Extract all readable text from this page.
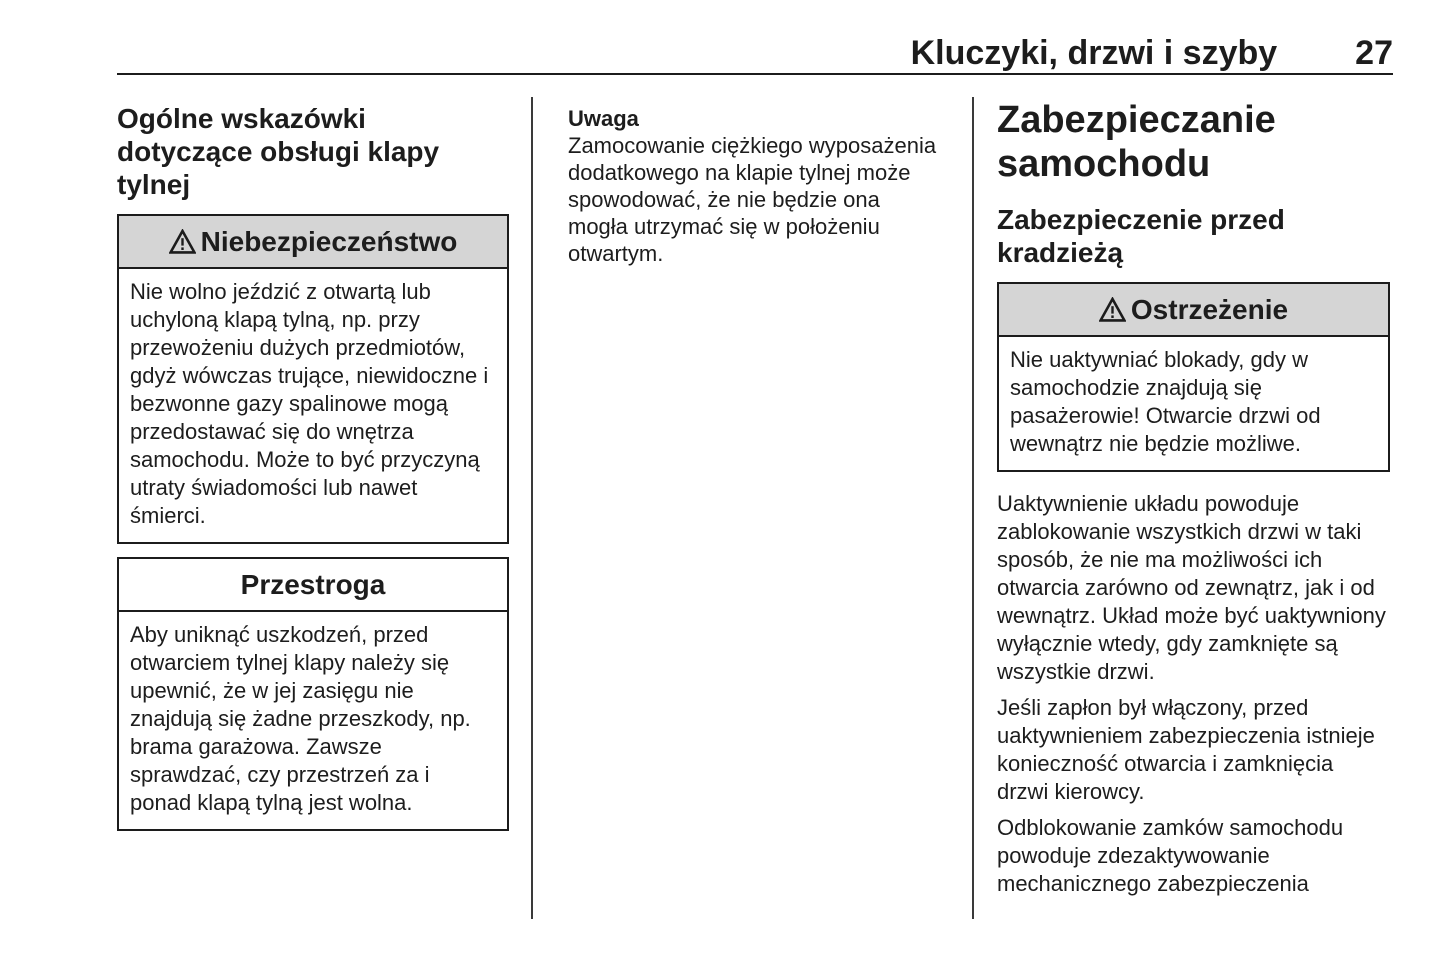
Kluczyki, drzwi i szyby 27
Ogólne wskazówki dotyczące obsługi klapy tylnej
Niebezpieczeństwo
Nie wolno jeździć z otwartą lub uchyloną klapą tylną, np. przy przewożeniu dużych przedmiotów, gdyż wówczas trujące, niewidoczne i bezwonne gazy spalinowe mogą przedostawać się do wnętrza samochodu. Może to być przyczyną utraty świadomości lub nawet śmierci.
Przestroga
Aby uniknąć uszkodzeń, przed otwarciem tylnej klapy należy się upewnić, że w jej zasięgu nie znajdują się żadne przeszkody, np. brama garażowa. Zawsze sprawdzać, czy przestrzeń za i ponad klapą tylną jest wolna.
Uwaga
Zamocowanie ciężkiego wyposażenia dodatkowego na klapie tylnej może spowodować, że nie będzie ona mogła utrzymać się w położeniu otwartym.
Zabezpieczanie samochodu
Zabezpieczenie przed kradzieżą
Ostrzeżenie
Nie uaktywniać blokady, gdy w samochodzie znajdują się pasażerowie! Otwarcie drzwi od wewnątrz nie będzie możliwe.

Uaktywnienie układu powoduje zablokowanie wszystkich drzwi w taki sposób, że nie ma możliwości ich otwarcia zarówno od zewnątrz, jak i od wewnątrz. Układ może być uaktywniony wyłącznie wtedy, gdy zamknięte są wszystkie drzwi.

Jeśli zapłon był włączony, przed uaktywnieniem zabezpieczenia istnieje konieczność otwarcia i zamknięcia drzwi kierowcy.

Odblokowanie zamków samochodu powoduje zdezaktywowanie mechanicznego zabezpieczenia
